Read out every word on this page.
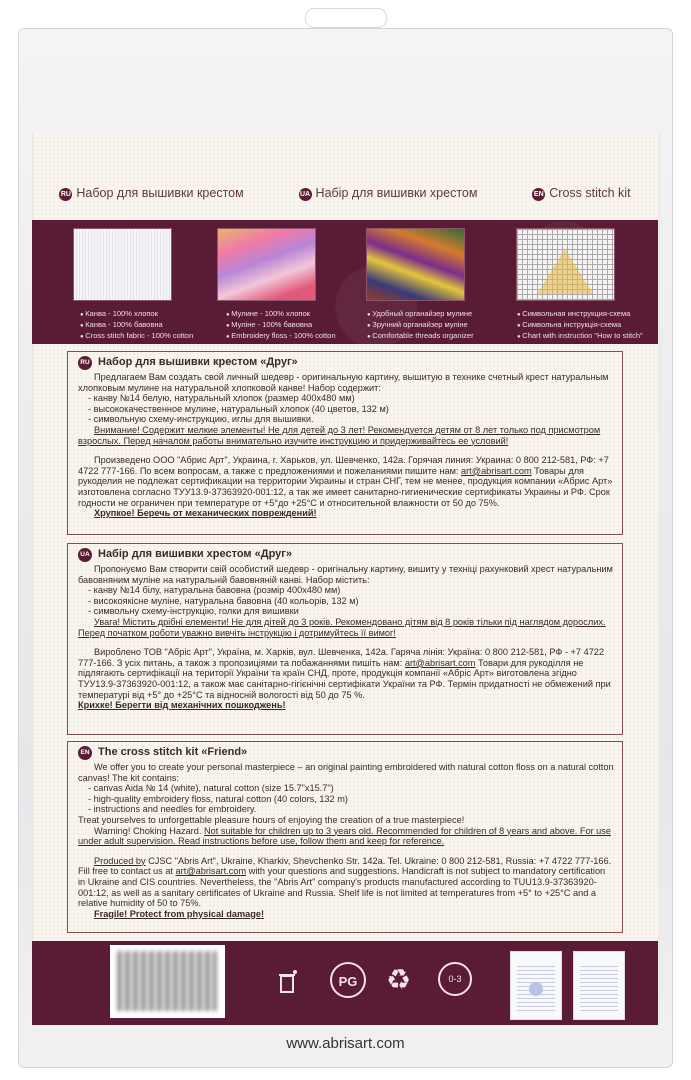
RU Набор для вышивки крестом	UA Набір для вишивки хрестом	EN Cross stitch kit
● Канва - 100% хлопок
● Канва - 100% бавовна
● Cross stitch fabric - 100% cotton
● Мулине - 100% хлопок
● Муліне - 100% бавовна
● Embroidery floss - 100% cotton
● Удобный органайзер мулине
● Зручний органайзер муліне
● Comfortable threads organizer
● Символьная инструкция-схема
● Символьна інструкція-схема
● Chart with instruction "How to stitch"
RU Набор для вышивки крестом «Друг»
Предлагаем Вам создать свой личный шедевр - оригинальную картину, вышитую в технике счетный крест натуральным хлопковым мулине на натуральной хлопковой канве! Набор содержит:
- канву №14 белую, натуральный хлопок (размер 400х480 мм)
- высококачественное мулине, натуральный хлопок (40 цветов, 132 м)
- символьную схему-инструкцию, иглы для вышивки.
Внимание! Содержит мелкие элементы! Не для детей до 3 лет! Рекомендуется детям от 8 лет только под присмотром взрослых. Перед началом работы внимательно изучите инструкцию и придерживайтесь ее условий!
Произведено ООО "Абрис Арт", Украина, г. Харьков, ул. Шевченко, 142а. Горячая линия: Украина: 0 800 212-581, РФ: +7 4722 777-166. По всем вопросам, а также с предложениями и пожеланиями пишите нам: art@abrisart.com Товары для рукоделия не подлежат сертификации на территории Украины и стран СНГ, тем не менее, продукция компании «Абрис Арт» изготовлена согласно ТУУ13.9-37363920-001:12, а так же имеет санитарно-гигиенические сертификаты Украины и РФ. Срок годности не ограничен при температуре от +5°до +25°С и относительной влажности от 50 до 75%.
Хрупкое! Беречь от механических повреждений!
UA Набір для вишивки хрестом «Друг»
Пропонуємо Вам створити свій особистий шедевр - оригінальну картину, вишиту у техніці рахунковий хрест натуральним бавовняним муліне на натуральній бавовняній канві. Набор містить:
- канву №14 білу, натуральна бавовна (розмір 400х480 мм)
- високоякісне муліне, натуральна бавовна (40 кольорів, 132 м)
- символьну схему-інструкцію, голки для вишивки
Увага! Містить дрібні елементи! Не для дітей до 3 років. Рекомендовано дітям від 8 років тільки під наглядом дорослих. Перед початком роботи уважно вивчіть інструкцію і дотримуйтесь її вимог!
Вироблено ТОВ "Абріс Арт", Україна, м. Харків, вул. Шевченка, 142а. Гаряча лінія: Україна: 0 800 212-581, РФ - +7 4722 777-166. З усіх питань, а також з пропозиціями та побажаннями пишіть нам: art@abrisart.com Товари для рукоділля не підлягають сертифікації на території України та країн СНД, проте, продукція компанії «Абріс Арт» виготовлена згідно ТУУ13.9-37363920-001:12, а також має санітарно-гігієнічні сертифікати України та РФ. Термін придатності не обмежений при температурі від +5° до +25°С та відносній вологості від 50 до 75 %.
Крихке! Берегти від механічних пошкоджень!
EN The cross stitch kit «Friend»
We offer you to create your personal masterpiece – an original painting embroidered with natural cotton floss on a natural cotton canvas! The kit contains:
- canvas Aida № 14 (white), natural cotton (size 15.7"x15.7")
- high-quality embroidery floss, natural cotton (40 colors, 132 m)
- instructions and needles for embroidery.
Treat yourselves to unforgettable pleasure hours of enjoying the creation of a true masterpiece!
Warning! Choking Hazard. Not suitable for children up to 3 years old. Recommended for children of 8 years and above. For use under adult supervision. Read instructions before use, follow them and keep for reference.
Produced by CJSC "Abris Art", Ukraine, Kharkiv, Shevchenko Str. 142a. Tel. Ukraine: 0 800 212-581, Russia: +7 4722 777-166. Fill free to contact us at art@abrisart.com with your questions and suggestions. Handicraft is not subject to mandatory certification in Ukraine and CIS countries. Nevertheless, the "Abris Art" company's products manufactured according to TUU13.9-37363920-001:12, as well as a sanitary certificates of Ukraine and Russia. Shelf life is not limited at temperatures from +5° to +25°C and a relative humidity of 50 to 75%.
Fragile! Protect from physical damage!
PG	♻	0-3
www.abrisart.com
